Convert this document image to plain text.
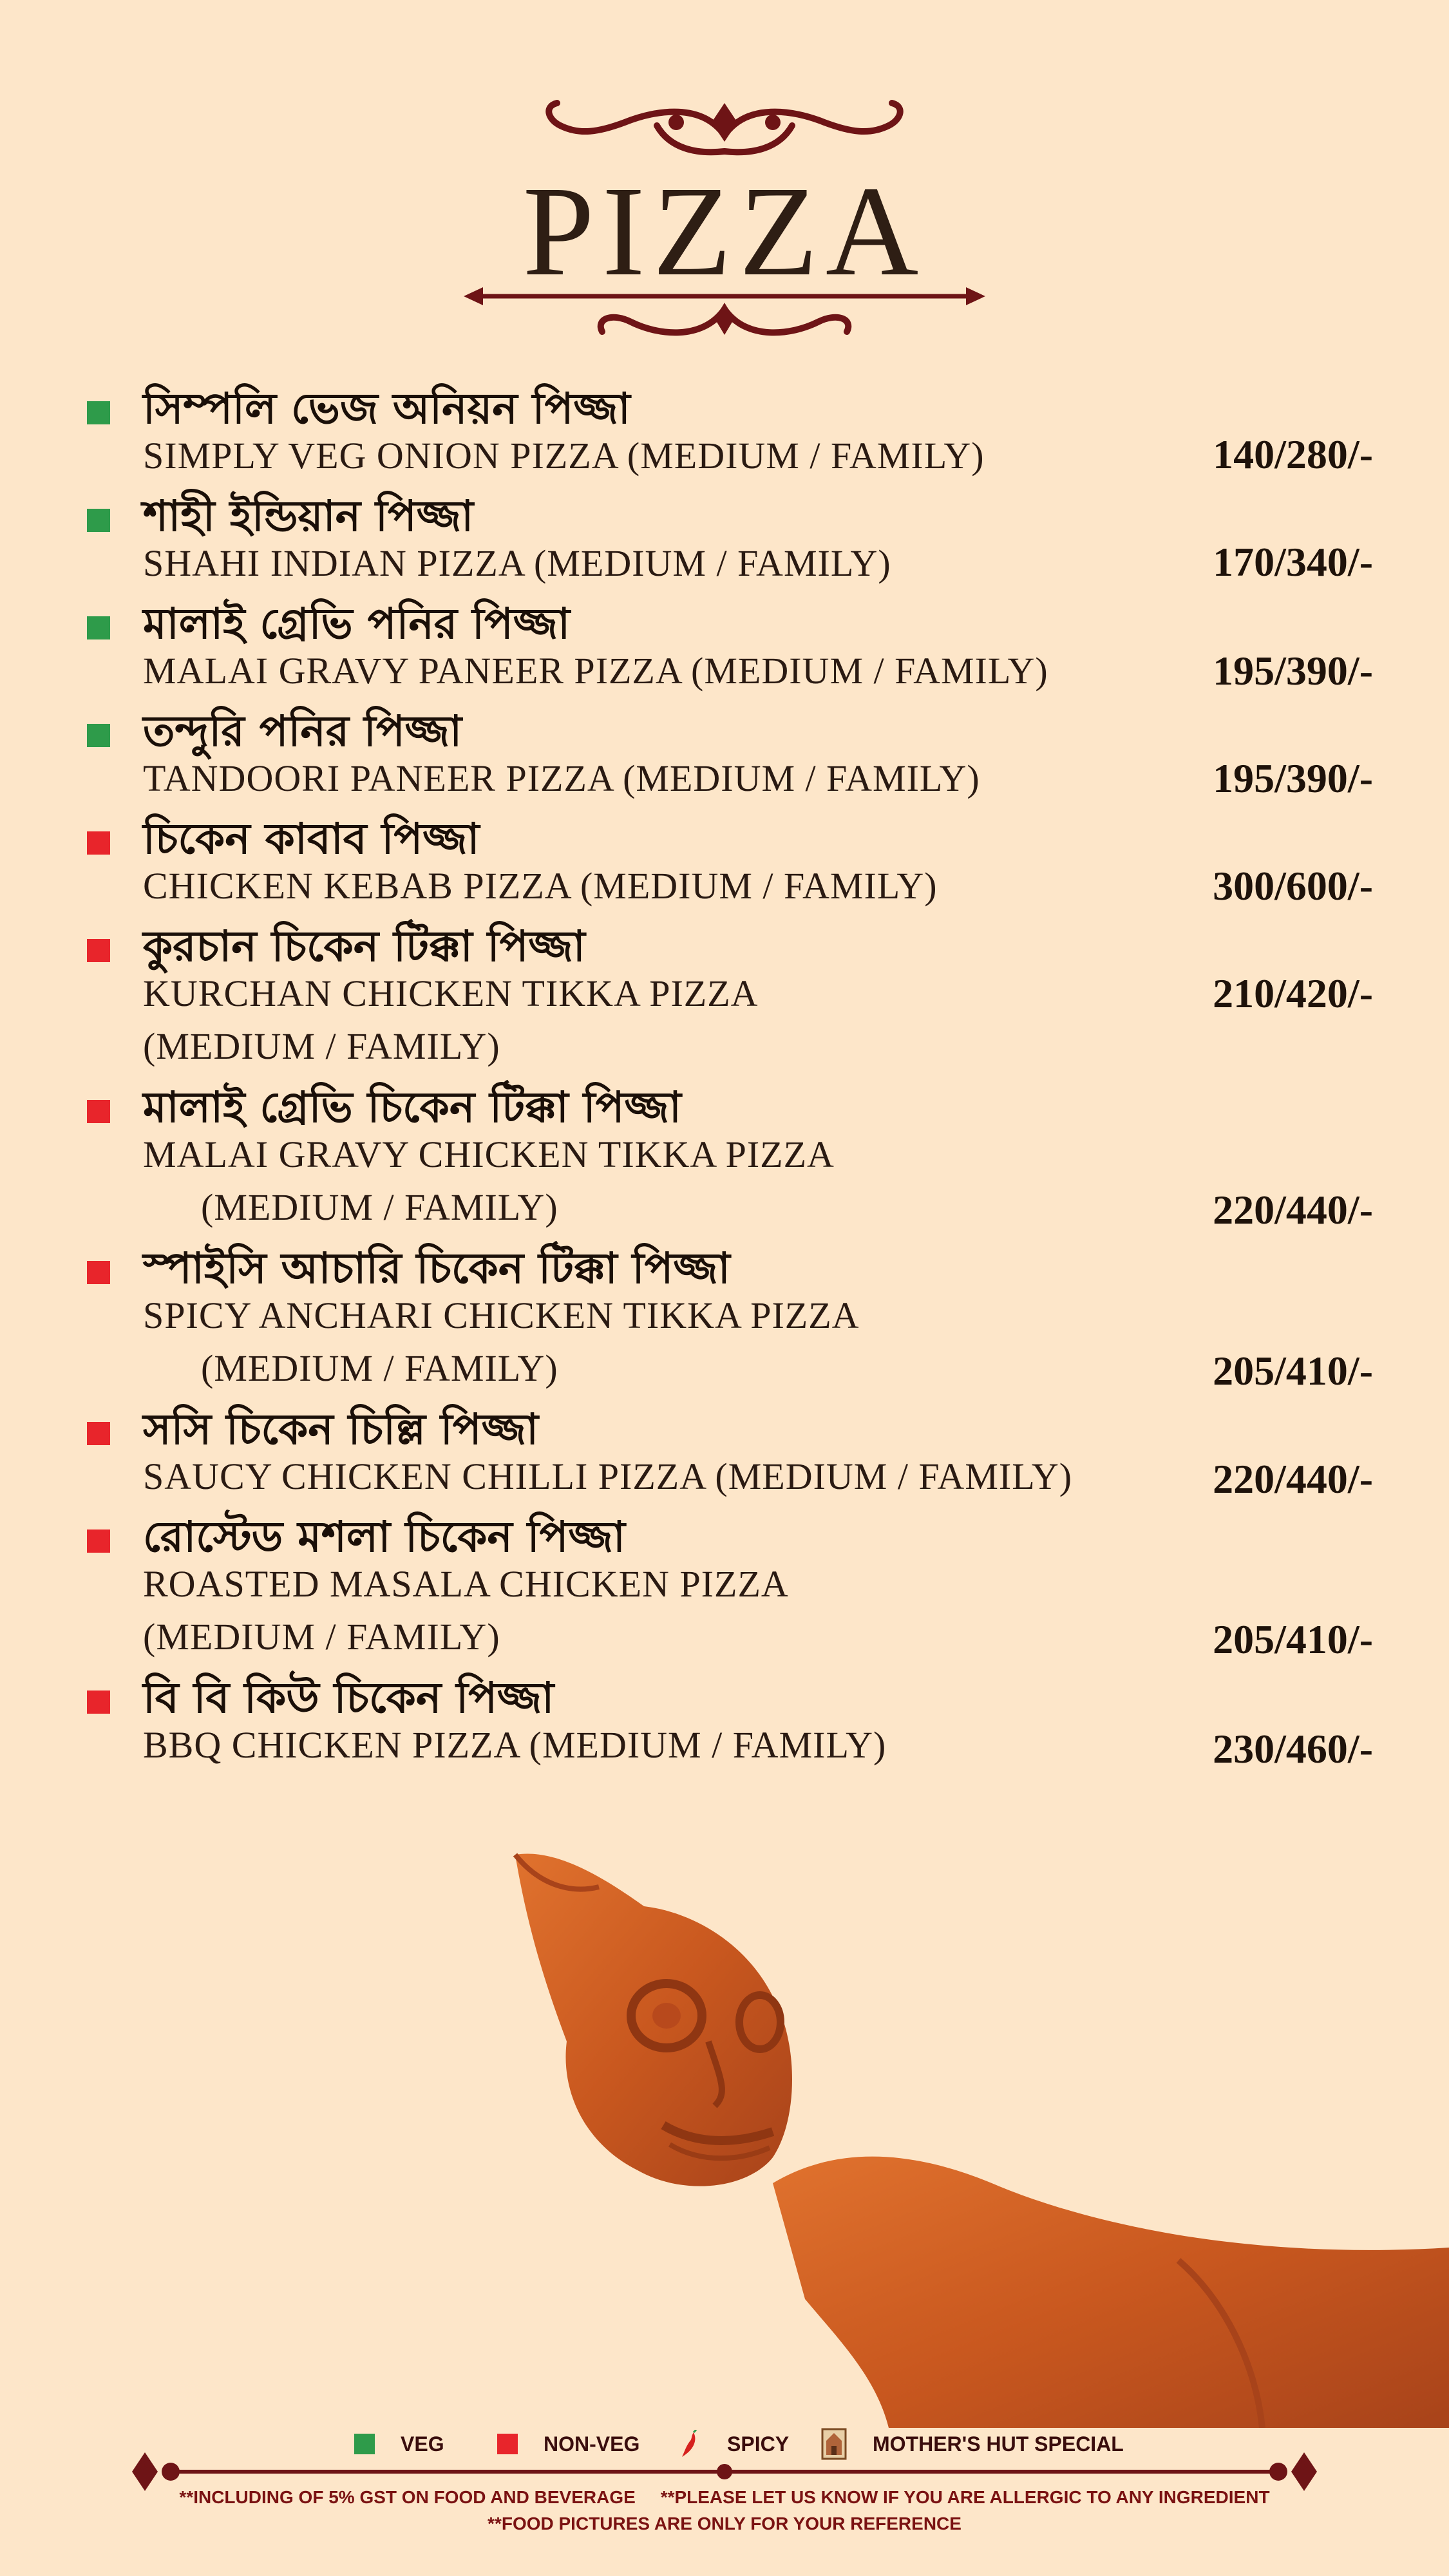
PIZZA
সিম্পলি ভেজ অনিয়ন পিজ্জা
SIMPLY VEG ONION PIZZA (MEDIUM / FAMILY)	140/280/-
শাহী ইন্ডিয়ান পিজ্জা
SHAHI INDIAN PIZZA (MEDIUM / FAMILY)	170/340/-
মালাই গ্রেভি পনির পিজ্জা
MALAI GRAVY PANEER PIZZA (MEDIUM / FAMILY)	195/390/-
তন্দুরি পনির পিজ্জা
TANDOORI PANEER PIZZA (MEDIUM / FAMILY)	195/390/-
চিকেন কাবাব পিজ্জা
CHICKEN KEBAB PIZZA (MEDIUM / FAMILY)	300/600/-
কুরচান চিকেন টিক্কা পিজ্জা
KURCHAN CHICKEN TIKKA PIZZA
(MEDIUM / FAMILY)
210/420/-
মালাই গ্রেভি চিকেন টিক্কা পিজ্জা
MALAI GRAVY CHICKEN TIKKA PIZZA
(MEDIUM / FAMILY)	220/440/-
স্পাইসি আচারি চিকেন টিক্কা পিজ্জা
SPICY ANCHARI CHICKEN TIKKA PIZZA
(MEDIUM / FAMILY)	205/410/-
সসি চিকেন চিল্লি পিজ্জা
SAUCY CHICKEN CHILLI PIZZA (MEDIUM / FAMILY)	220/440/-
রোস্টেড মশলা চিকেন পিজ্জা
ROASTED MASALA CHICKEN PIZZA
(MEDIUM / FAMILY)	205/410/-
বি বি কিউ চিকেন পিজ্জা
BBQ CHICKEN PIZZA (MEDIUM / FAMILY)	230/460/-
VEG	NON-VEG	SPICY	MOTHER'S HUT SPECIAL
**INCLUDING OF 5% GST ON FOOD AND BEVERAGE **PLEASE LET US KNOW IF YOU ARE ALLERGIC TO ANY INGREDIENT
**FOOD PICTURES ARE ONLY FOR YOUR REFERENCE
